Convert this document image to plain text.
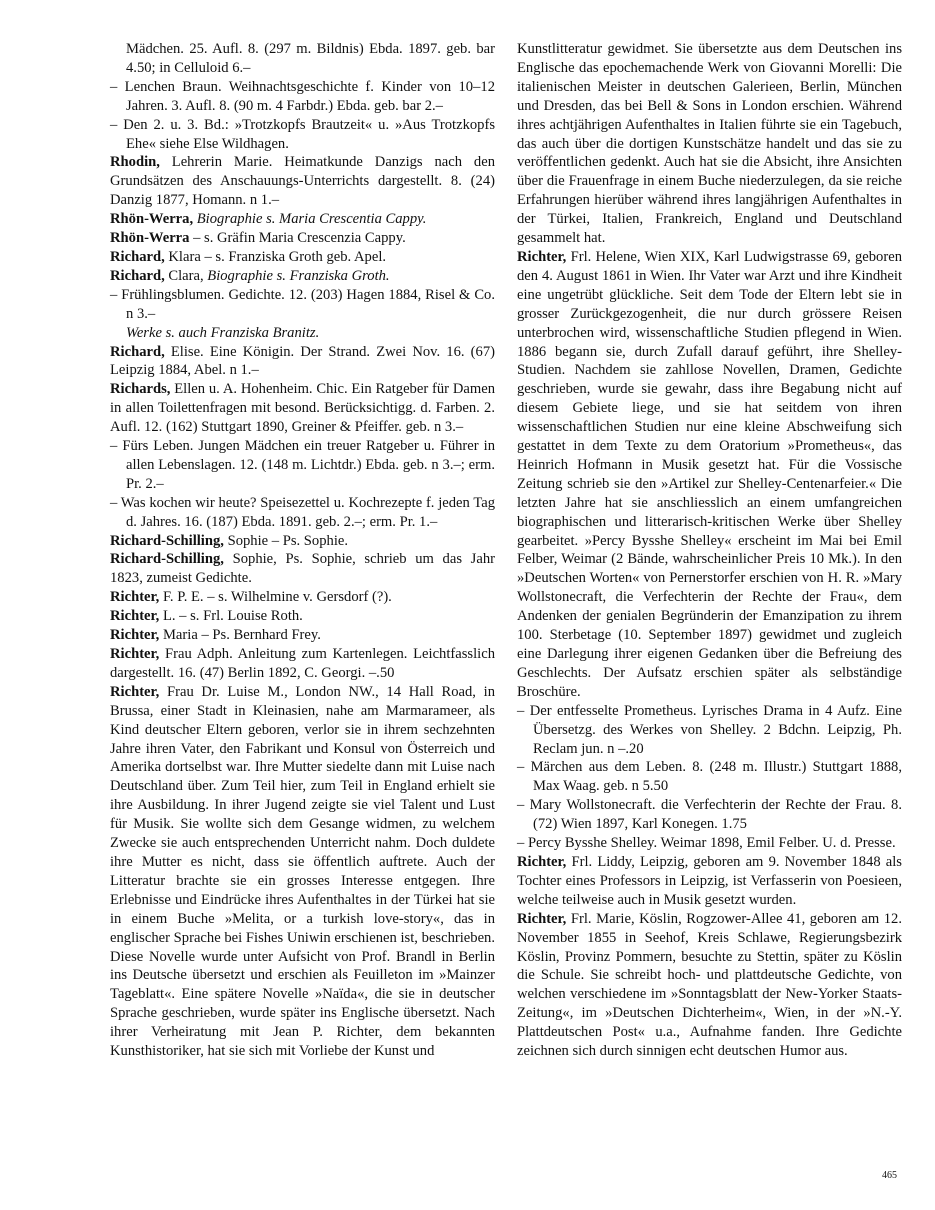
Mädchen. 25. Aufl. 8. (297 m. Bildnis) Ebda. 1897. geb. bar 4.50; in Celluloid 6.–

– Lenchen Braun. Weihnachtsgeschichte f. Kinder von 10–12 Jahren. 3. Aufl. 8. (90 m. 4 Farbdr.) Ebda. geb. bar 2.–

– Den 2. u. 3. Bd.: »Trotzkopfs Brautzeit« u. »Aus Trotzkopfs Ehe« siehe Else Wildhagen.

Rhodin, Lehrerin Marie. Heimatkunde Danzigs nach den Grundsätzen des Anschauungs-Unterrichts dargestellt. 8. (24) Danzig 1877, Homann. n 1.–

Rhön-Werra, Biographie s. Maria Crescentia Cappy.

Rhön-Werra – s. Gräfin Maria Crescenzia Cappy.

Richard, Klara – s. Franziska Groth geb. Apel.

Richard, Clara, Biographie s. Franziska Groth.

– Frühlingsblumen. Gedichte. 12. (203) Hagen 1884, Risel & Co. n 3.–

Werke s. auch Franziska Branitz.

Richard, Elise. Eine Königin. Der Strand. Zwei Nov. 16. (67) Leipzig 1884, Abel. n 1.–

Richards, Ellen u. A. Hohenheim. Chic. Ein Ratgeber für Damen in allen Toilettenfragen mit besond. Berücksichtigg. d. Farben. 2. Aufl. 12. (162) Stuttgart 1890, Greiner & Pfeiffer. geb. n 3.–

– Fürs Leben. Jungen Mädchen ein treuer Ratgeber u. Führer in allen Lebenslagen. 12. (148 m. Lichtdr.) Ebda. geb. n 3.–; erm. Pr. 2.–

– Was kochen wir heute? Speisezettel u. Kochrezepte f. jeden Tag d. Jahres. 16. (187) Ebda. 1891. geb. 2.–; erm. Pr. 1.–

Richard-Schilling, Sophie – Ps. Sophie.

Richard-Schilling, Sophie, Ps. Sophie, schrieb um das Jahr 1823, zumeist Gedichte.

Richter, F. P. E. – s. Wilhelmine v. Gersdorf (?).

Richter, L. – s. Frl. Louise Roth.

Richter, Maria – Ps. Bernhard Frey.

Richter, Frau Adph. Anleitung zum Kartenlegen. Leichtfasslich dargestellt. 16. (47) Berlin 1892, C. Georgi. –.50

Richter, Frau Dr. Luise M., London NW., 14 Hall Road, in Brussa, einer Stadt in Kleinasien, nahe am Marmarameer, als Kind deutscher Eltern geboren, verlor sie in ihrem sechzehnten Jahre ihren Vater, den Fabrikant und Konsul von Österreich und Amerika dortselbst war. Ihre Mutter siedelte dann mit Luise nach Deutschland über. Zum Teil hier, zum Teil in England erhielt sie ihre Ausbildung. In ihrer Jugend zeigte sie viel Talent und Lust für Musik. Sie wollte sich dem Gesange widmen, zu welchem Zwecke sie auch entsprechenden Unterricht nahm. Doch duldete ihre Mutter es nicht, dass sie öffentlich auftrete. Auch der Litteratur brachte sie ein grosses Interesse entgegen. Ihre Erlebnisse und Eindrücke ihres Aufenthaltes in der Türkei hat sie in einem Buche »Melita, or a turkish love-story«, das in englischer Sprache bei Fishes Uniwin erschienen ist, beschrieben. Diese Novelle wurde unter Aufsicht von Prof. Brandl in Berlin ins Deutsche übersetzt und erschien als Feuilleton im »Mainzer Tageblatt«. Eine spätere Novelle »Naïda«, die sie in deutscher Sprache geschrieben, wurde später ins Englische übersetzt. Nach ihrer Verheiratung mit Jean P. Richter, dem bekannten Kunsthistoriker, hat sie sich mit Vorliebe der Kunst und

Kunstlitteratur gewidmet. Sie übersetzte aus dem Deutschen ins Englische das epochemachende Werk von Giovanni Morelli: Die italienischen Meister in deutschen Galerieen, Berlin, München und Dresden, das bei Bell & Sons in London erschien. Während ihres achtjährigen Aufenthaltes in Italien führte sie ein Tagebuch, das auch über die dortigen Kunstschätze handelt und das sie zu veröffentlichen gedenkt. Auch hat sie die Absicht, ihre Ansichten über die Frauenfrage in einem Buche niederzulegen, da sie reiche Erfahrungen hierüber während ihres langjährigen Aufenthaltes in der Türkei, Italien, Frankreich, England und Deutschland gesammelt hat.

Richter, Frl. Helene, Wien XIX, Karl Ludwigstrasse 69, geboren den 4. August 1861 in Wien. Ihr Vater war Arzt und ihre Kindheit eine ungetrübt glückliche. Seit dem Tode der Eltern lebt sie in grosser Zurückgezogenheit, die nur durch grössere Reisen unterbrochen wird, wissenschaftliche Studien pflegend in Wien. 1886 begann sie, durch Zufall darauf geführt, ihre Shelley-Studien. Nachdem sie zahllose Novellen, Dramen, Gedichte geschrieben, wurde sie gewahr, dass ihre Begabung nicht auf diesem Gebiete liege, und sie hat seitdem von ihren wissenschaftlichen Studien nur eine kleine Abschweifung sich gestattet in dem Texte zu dem Oratorium »Prometheus«, das Heinrich Hofmann in Musik gesetzt hat. Für die Vossische Zeitung schrieb sie den »Artikel zur Shelley-Centenarfeier.« Die letzten Jahre hat sie anschliesslich an einem umfangreichen biographischen und litterarisch-kritischen Werke über Shelley gearbeitet. »Percy Bysshe Shelley« erscheint im Mai bei Emil Felber, Weimar (2 Bände, wahrscheinlicher Preis 10 Mk.). In den »Deutschen Worten« von Pernerstorfer erschien von H. R. »Mary Wollstonecraft, die Verfechterin der Rechte der Frau«, dem Andenken der genialen Begründerin der Emanzipation zu ihrem 100. Sterbetage (10. September 1897) gewidmet und zugleich eine Darlegung ihrer eigenen Gedanken über die Befreiung des Geschlechts. Der Aufsatz erschien später als selbständige Broschüre.

– Der entfesselte Prometheus. Lyrisches Drama in 4 Aufz. Eine Übersetzg. des Werkes von Shelley. 2 Bdchn. Leipzig, Ph. Reclam jun. n –.20

– Märchen aus dem Leben. 8. (248 m. Illustr.) Stuttgart 1888, Max Waag. geb. n 5.50

– Mary Wollstonecraft. die Verfechterin der Rechte der Frau. 8. (72) Wien 1897, Karl Konegen. 1.75

– Percy Bysshe Shelley. Weimar 1898, Emil Felber. U. d. Presse.

Richter, Frl. Liddy, Leipzig, geboren am 9. November 1848 als Tochter eines Professors in Leipzig, ist Verfasserin von Poesieen, welche teilweise auch in Musik gesetzt wurden.

Richter, Frl. Marie, Köslin, Rogzower-Allee 41, geboren am 12. November 1855 in Seehof, Kreis Schlawe, Regierungsbezirk Köslin, Provinz Pommern, besuchte zu Stettin, später zu Köslin die Schule. Sie schreibt hoch- und plattdeutsche Gedichte, von welchen verschiedene im »Sonntagsblatt der New-Yorker Staats-Zeitung«, im »Deutschen Dichterheim«, Wien, in der »N.-Y. Plattdeutschen Post« u.a., Aufnahme fanden. Ihre Gedichte zeichnen sich durch sinnigen echt deutschen Humor aus.

465
